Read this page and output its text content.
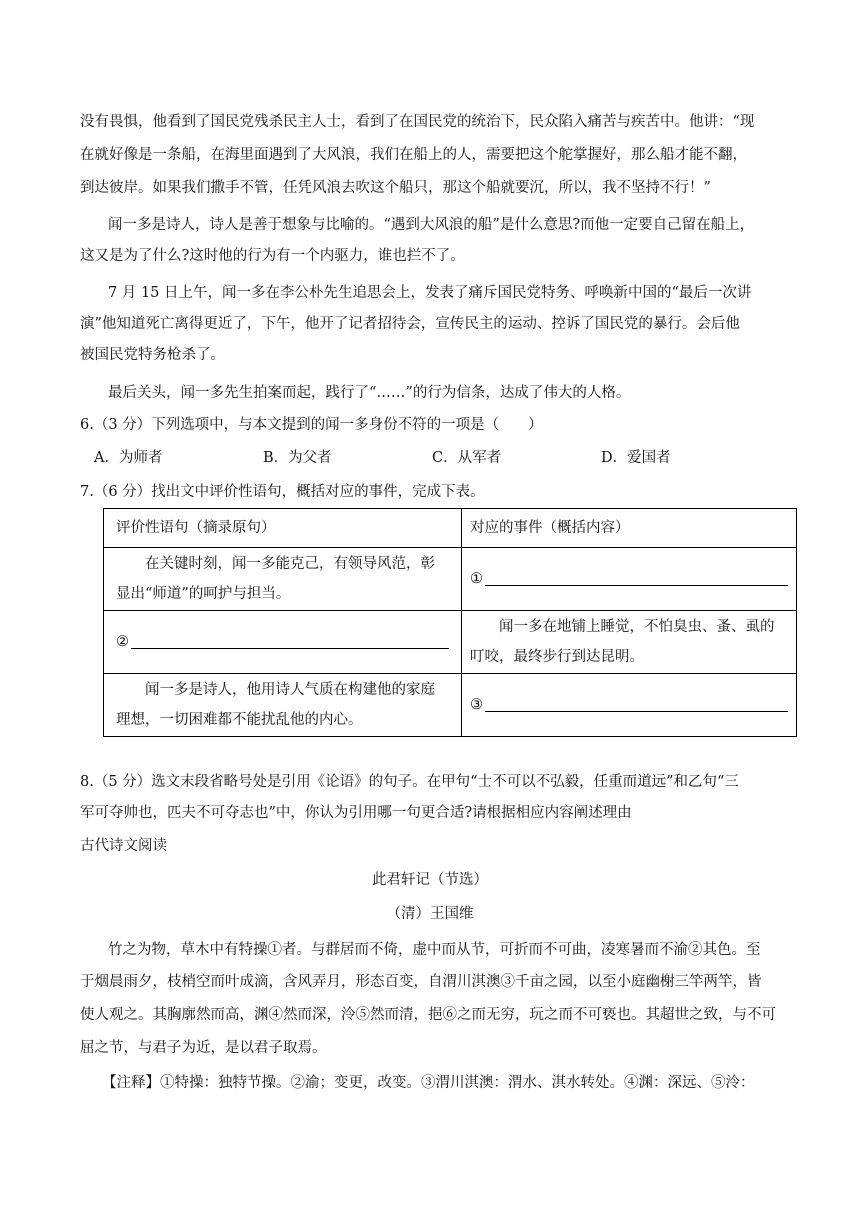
没有畏惧，他看到了国民党残杀民主人士，看到了在国民党的统治下，民众陷入痛苦与疾苦中。他讲：“现
在就好像是一条船，在海里面遇到了大风浪，我们在船上的人，需要把这个舵掌握好，那么船才能不翻，
到达彼岸。如果我们撒手不管，任凭风浪去吹这个船只，那这个船就要沉，所以，我不坚持不行！”
闻一多是诗人，诗人是善于想象与比喻的。“遇到大风浪的船”是什么意思?而他一定要自己留在船上，
这又是为了什么?这时他的行为有一个内驱力，谁也拦不了。
7 月 15 日上午，闻一多在李公朴先生追思会上，发表了痛斥国民党特务、呼唤新中国的“最后一次讲
演”他知道死亡离得更近了，下午，他开了记者招待会，宣传民主的运动、控诉了国民党的暴行。会后他
被国民党特务枪杀了。
最后关头，闻一多先生拍案而起，践行了“……”的行为信条，达成了伟大的人格。
6.（3 分）下列选项中，与本文提到的闻一多身份不符的一项是（　　）
A．为师者	B．为父者	C．从军者	D．爱国者
7.（6 分）找出文中评价性语句，概括对应的事件，完成下表。
评价性语句（摘录原句）	对应的事件（概括内容）

在关键时刻，闻一多能克己，有领导风范，彰显出“师道”的呵护与担当。	①

②	闻一多在地铺上睡觉，不怕臭虫、蚤、虱的叮咬，最终步行到达昆明。

闻一多是诗人，他用诗人气质在构建他的家庭理想，一切困难都不能扰乱他的内心。	③
8.（5 分）选文末段省略号处是引用《论语》的句子。在甲句“士不可以不弘毅，任重而道远”和乙句“三
军可夺帅也，匹夫不可夺志也”中，你认为引用哪一句更合适?请根据相应内容阐述理由
古代诗文阅读
此君轩记（节选）
（清）王国维
竹之为物，草木中有特操①者。与群居而不倚，虚中而从节，可折而不可曲，凌寒暑而不渝②其色。至
于烟晨雨夕，枝梢空而叶成滴，含风弄月，形态百变，自渭川淇澳③千亩之园，以至小庭幽榭三竿两竿，皆
使人观之。其胸廓然而高，渊④然而深，泠⑤然而清，挹⑥之而无穷，玩之而不可亵也。其超世之致，与不可
屈之节，与君子为近，是以君子取焉。
【注释】①特操：独特节操。②渝；变更，改变。③渭川淇澳：渭水、淇水转处。④渊：深远、⑤泠：
